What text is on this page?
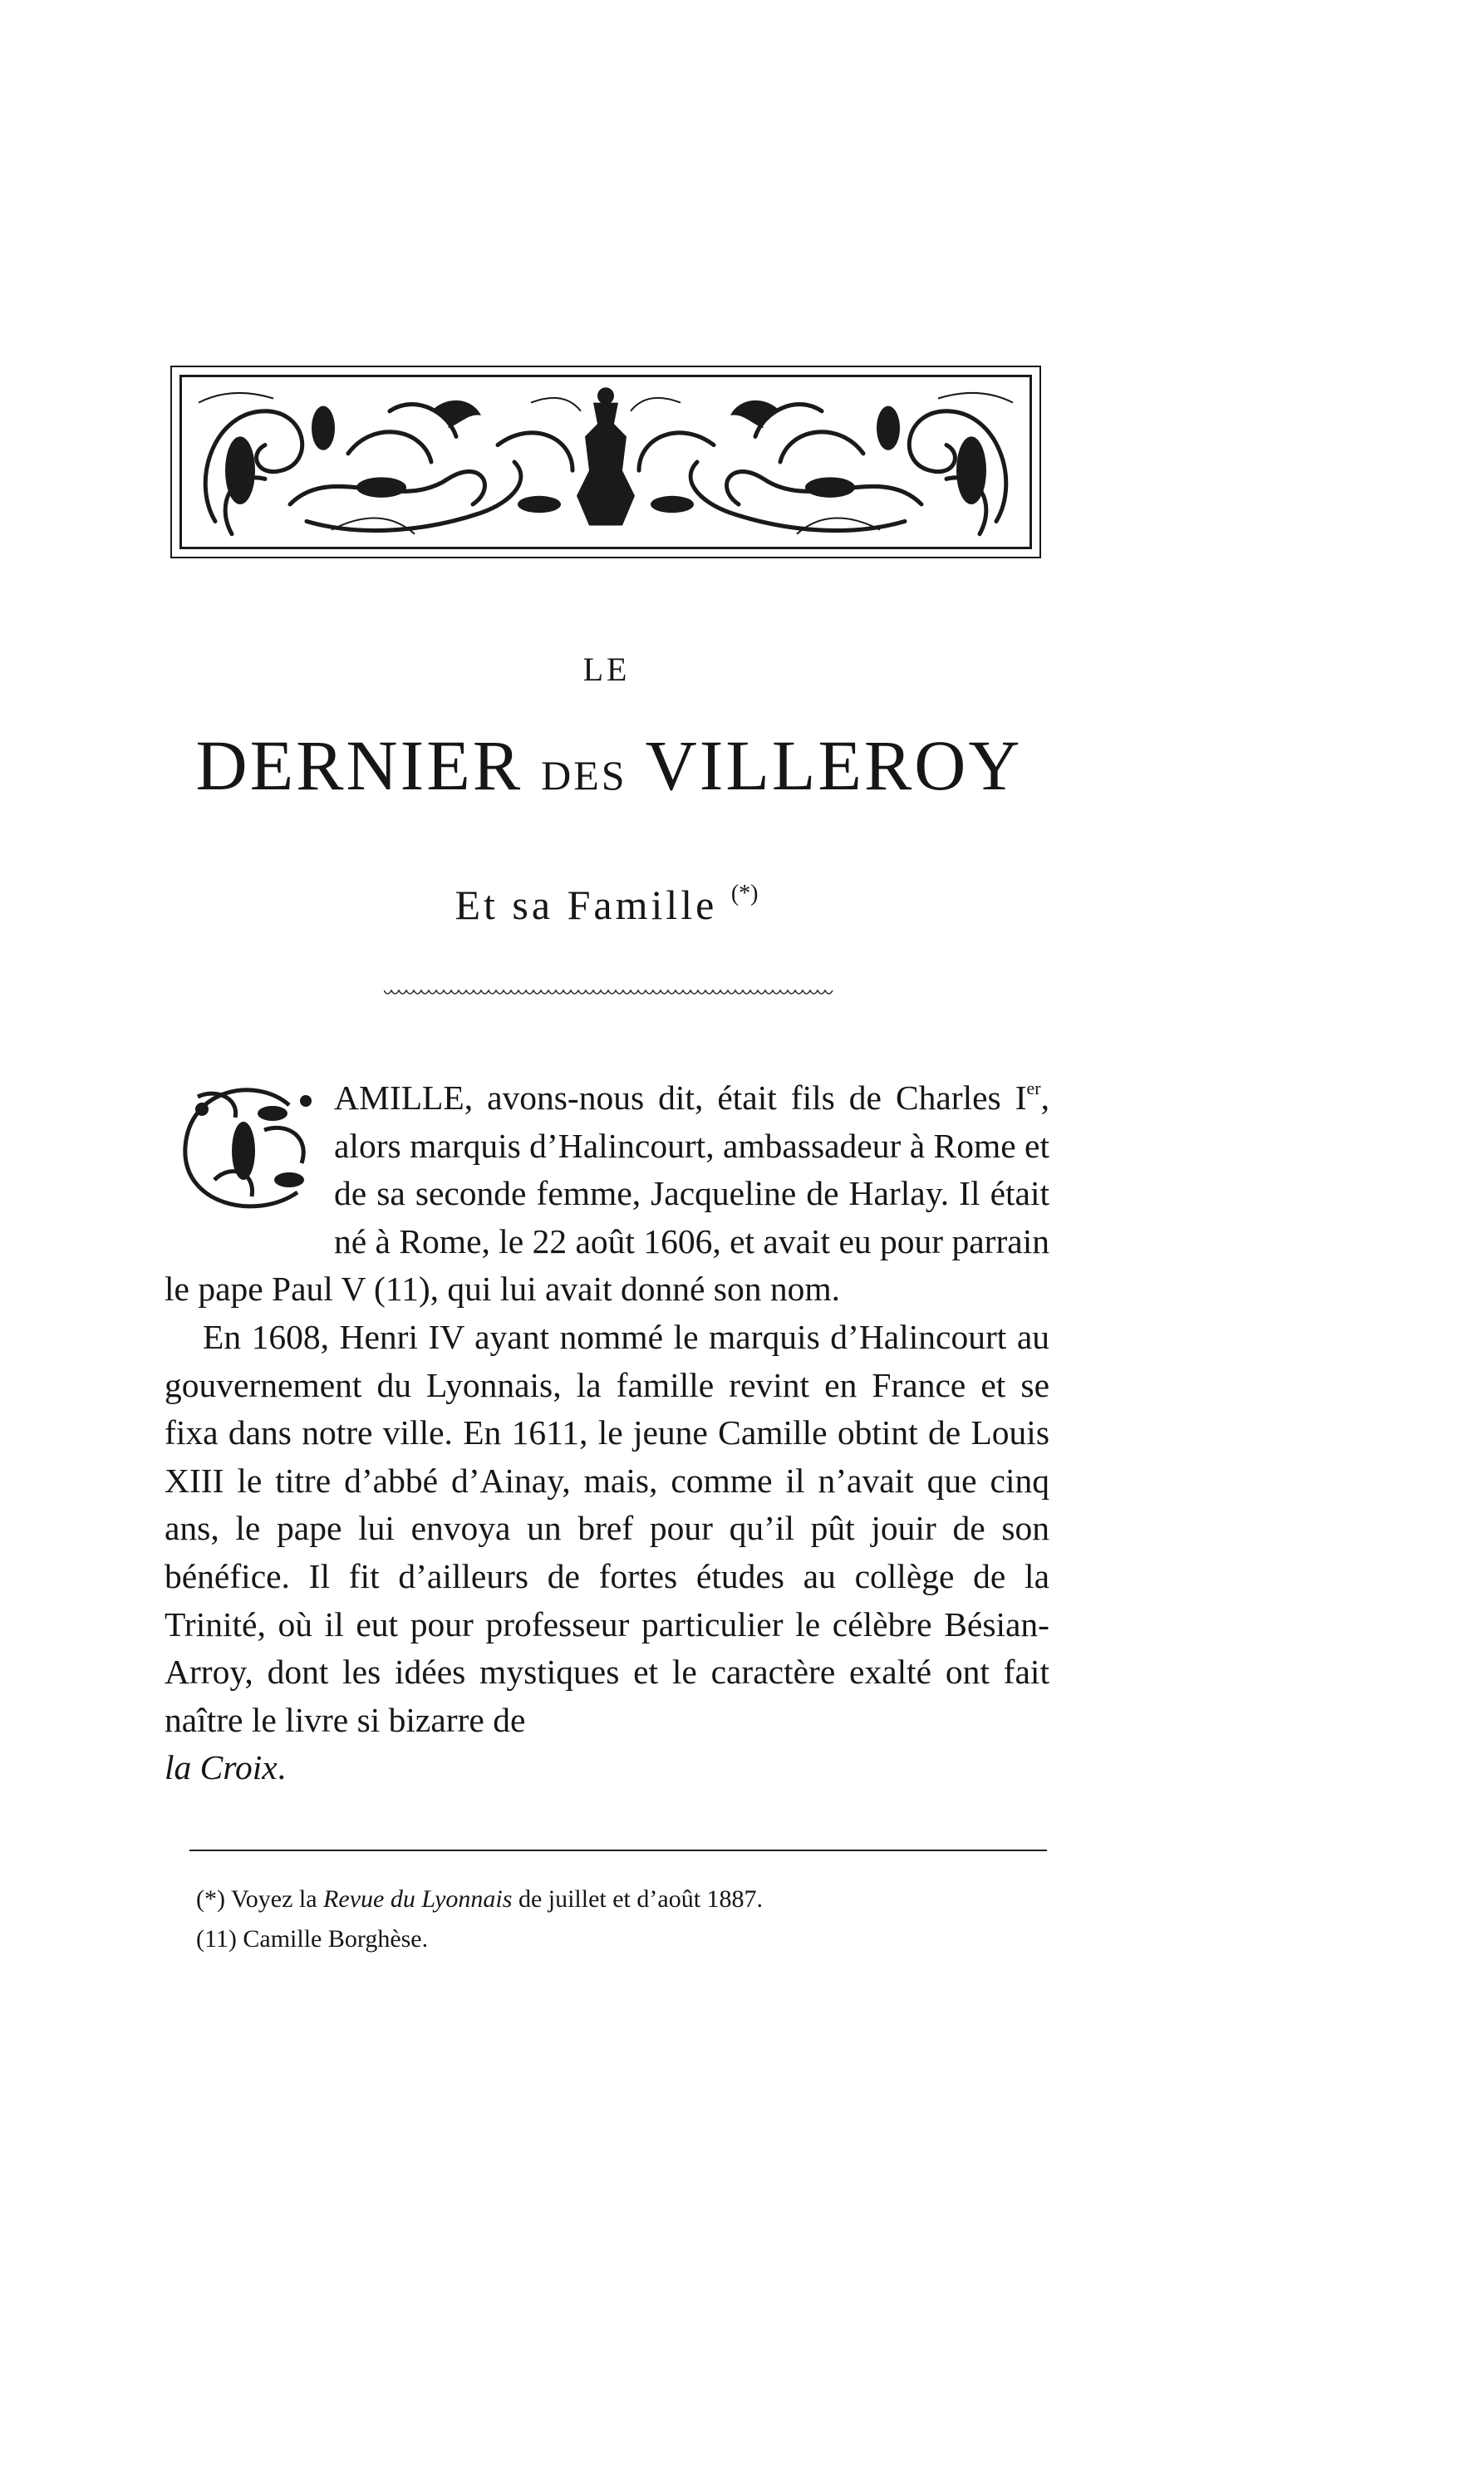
LE
DERNIER DES VILLEROY
Et sa Famille (*)

AMILLE, avons-nous dit, était fils de Charles Ier, alors marquis d’Halincourt, ambassadeur à Rome et de sa seconde femme, Jacqueline de Harlay. Il était né à Rome, le 22 août 1606, et avait eu pour parrain le pape Paul V (11), qui lui avait donné son nom.

En 1608, Henri IV ayant nommé le marquis d’Halincourt au gouvernement du Lyonnais, la famille revint en France et se fixa dans notre ville. En 1611, le jeune Camille obtint de Louis XIII le titre d’abbé d’Ainay, mais, comme il n’avait que cinq ans, le pape lui envoya un bref pour qu’il pût jouir de son bénéfice. Il fit d’ailleurs de fortes études au collège de la Trinité, où il eut pour professeur particulier le célèbre Bésian-Arroy, dont les idées mystiques et le caractère exalté ont fait naître le livre si bizarre de
la Croix.

(*) Voyez la Revue du Lyonnais de juillet et d’août 1887.
(11) Camille Borghèse.
